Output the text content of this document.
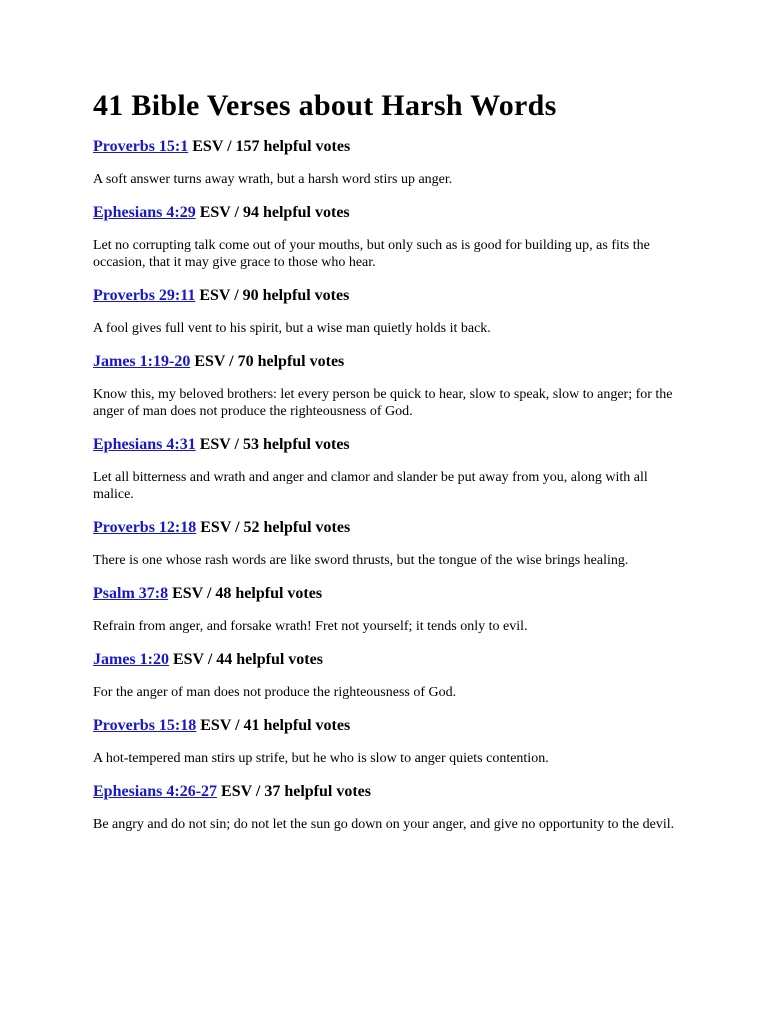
41 Bible Verses about Harsh Words

Proverbs 15:1 ESV / 157 helpful votes

A soft answer turns away wrath, but a harsh word stirs up anger.

Ephesians 4:29 ESV / 94 helpful votes

Let no corrupting talk come out of your mouths, but only such as is good for building up, as fits the occasion, that it may give grace to those who hear.

Proverbs 29:11 ESV / 90 helpful votes

A fool gives full vent to his spirit, but a wise man quietly holds it back.

James 1:19-20 ESV / 70 helpful votes

Know this, my beloved brothers: let every person be quick to hear, slow to speak, slow to anger; for the anger of man does not produce the righteousness of God.

Ephesians 4:31 ESV / 53 helpful votes

Let all bitterness and wrath and anger and clamor and slander be put away from you, along with all malice.

Proverbs 12:18 ESV / 52 helpful votes

There is one whose rash words are like sword thrusts, but the tongue of the wise brings healing.

Psalm 37:8 ESV / 48 helpful votes

Refrain from anger, and forsake wrath! Fret not yourself; it tends only to evil.

James 1:20 ESV / 44 helpful votes

For the anger of man does not produce the righteousness of God.

Proverbs 15:18 ESV / 41 helpful votes

A hot-tempered man stirs up strife, but he who is slow to anger quiets contention.

Ephesians 4:26-27 ESV / 37 helpful votes

Be angry and do not sin; do not let the sun go down on your anger, and give no opportunity to the devil.
